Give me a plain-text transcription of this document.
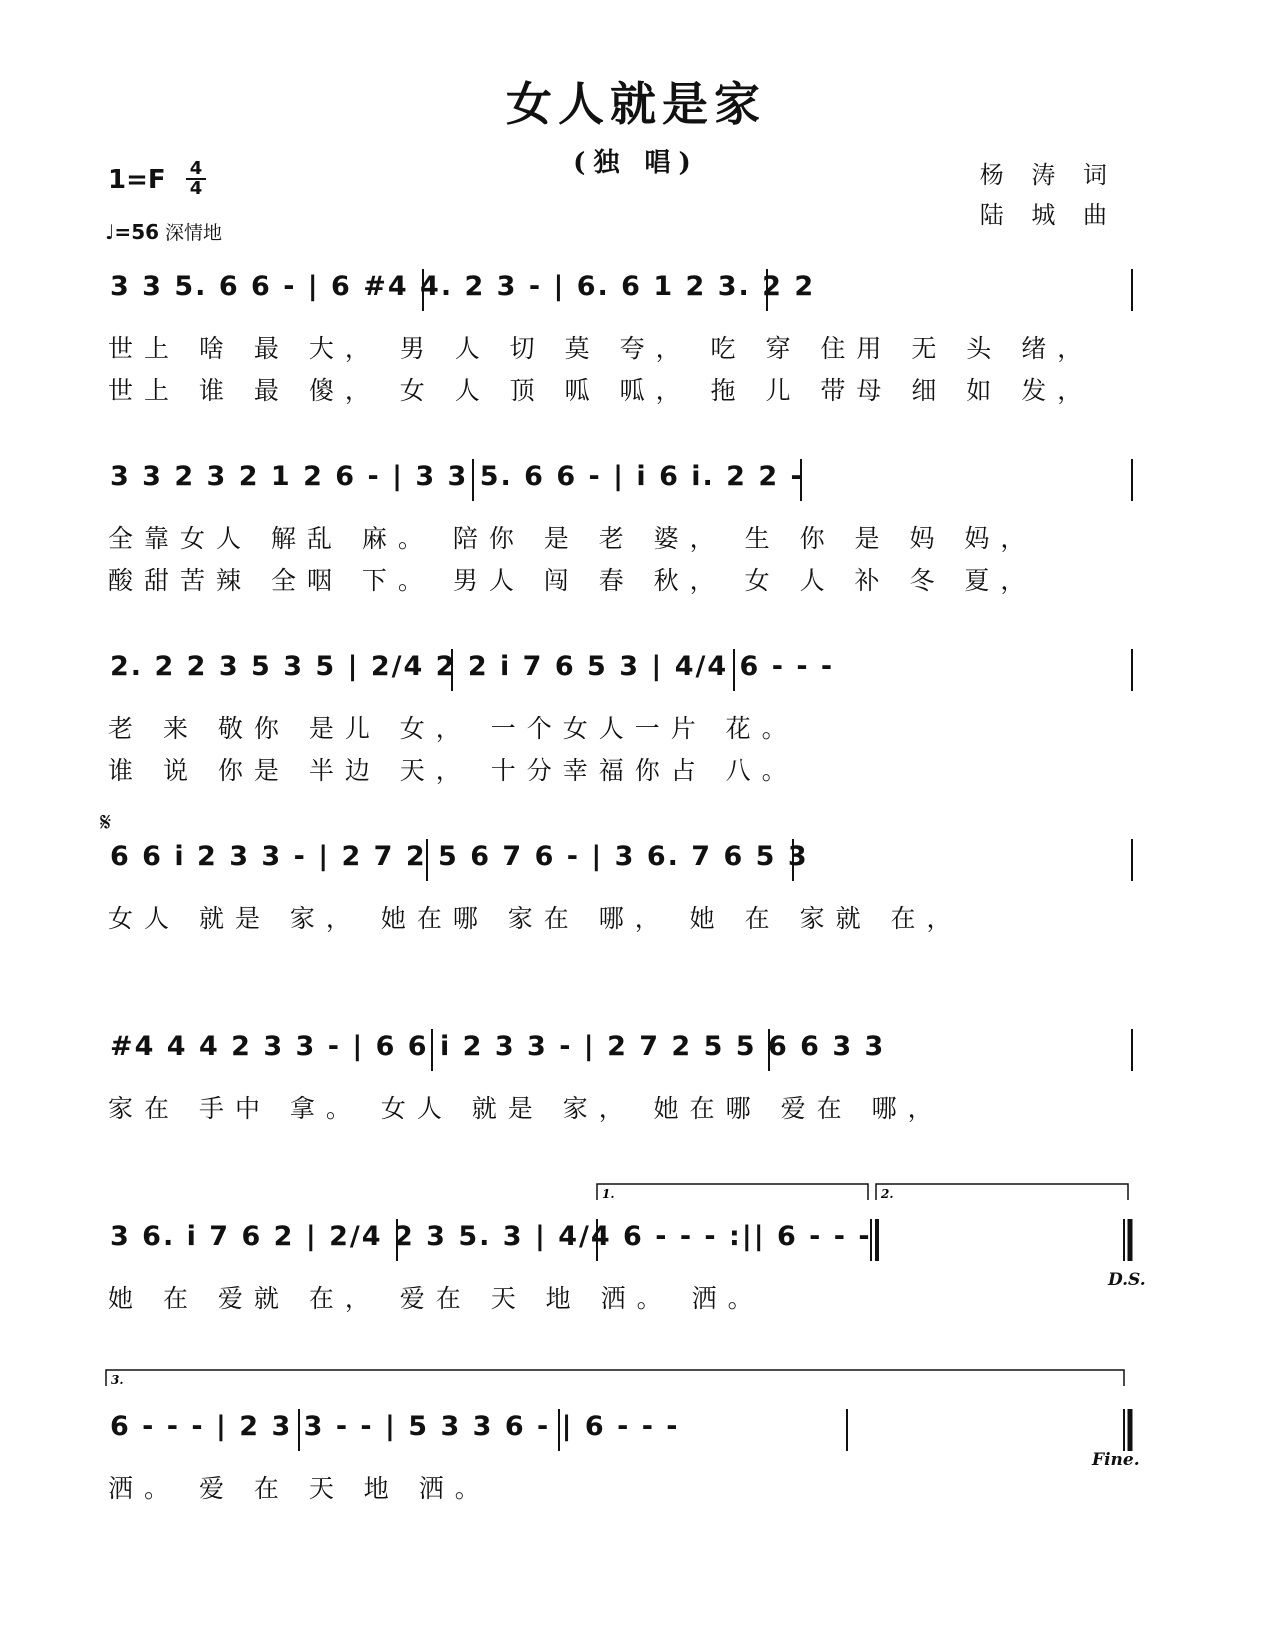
女人就是家
(独 唱)
1=F 4
4
♩=56 深情地
杨 涛 词
陆 城 曲
3 3 5. 6 6 - | 6 #4 4. 2 3 - | 6. 6 1 2 3. 2 2
世上 啥 最 大， 男 人 切 莫 夸， 吃 穿 住用 无 头 绪，
世上 谁 最 傻， 女 人 顶 呱 呱， 拖 儿 带母 细 如 发，
3 3 2 3 2 1 2 6 - | 3 3 5. 6 6 - | i 6 i. 2 2 -
全靠女人 解乱 麻。 陪你 是 老 婆， 生 你 是 妈 妈，
酸甜苦辣 全咽 下。 男人 闯 春 秋， 女 人 补 冬 夏，
2. 2 2 3 5 3 5 | 2/4 2 2 i 7 6 5 3 | 4/4 6 - - -
老 来 敬你 是儿 女， 一个女人一片 花。
谁 说 你是 半边 天， 十分幸福你占 八。
𝄋
6 6 i 2 3 3 - | 2 7 2 5 6 7 6 - | 3 6. 7 6 5 3
女人 就是 家， 她在哪 家在 哪， 她 在 家就 在，
#4 4 4 2 3 3 - | 6 6 i 2 3 3 - | 2 7 2 5 5 6 6 3 3
家在 手中 拿。 女人 就是 家， 她在哪 爱在 哪，
1.	2.
3 6. i 7 6 2 | 2/4 2 3 5. 3 | 4/4 6 - - - :|| 6 - - -
她 在 爱就 在， 爱在 天 地 洒。 洒。
D.S.
3.
6 - - - | 2 3 3 - - | 5 3 3 6 - | 6 - - -
洒。 爱 在 天 地 洒。
Fine.
